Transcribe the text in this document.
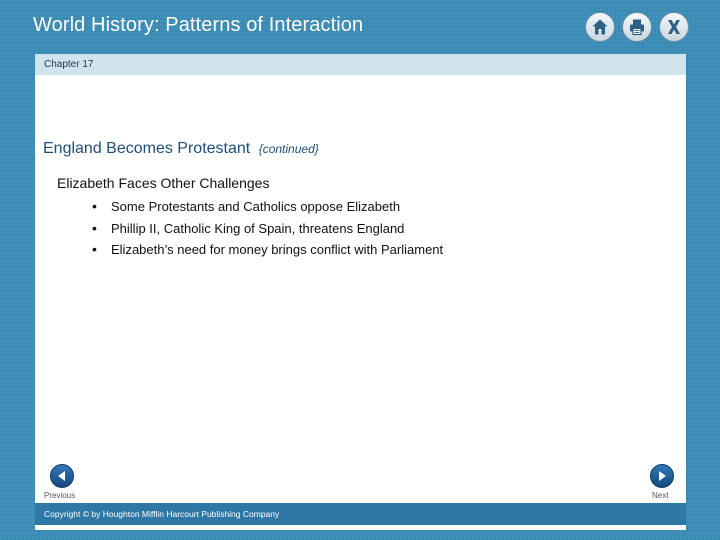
World History: Patterns of Interaction
Chapter 17
England Becomes Protestant {continued}
Elizabeth Faces Other Challenges
•Some Protestants and Catholics oppose Elizabeth
•Phillip II, Catholic King of Spain, threatens England
•Elizabeth’s need for money brings conflict with Parliament
Previous	Next
Copyright © by Houghton Mifflin Harcourt Publishing Company
